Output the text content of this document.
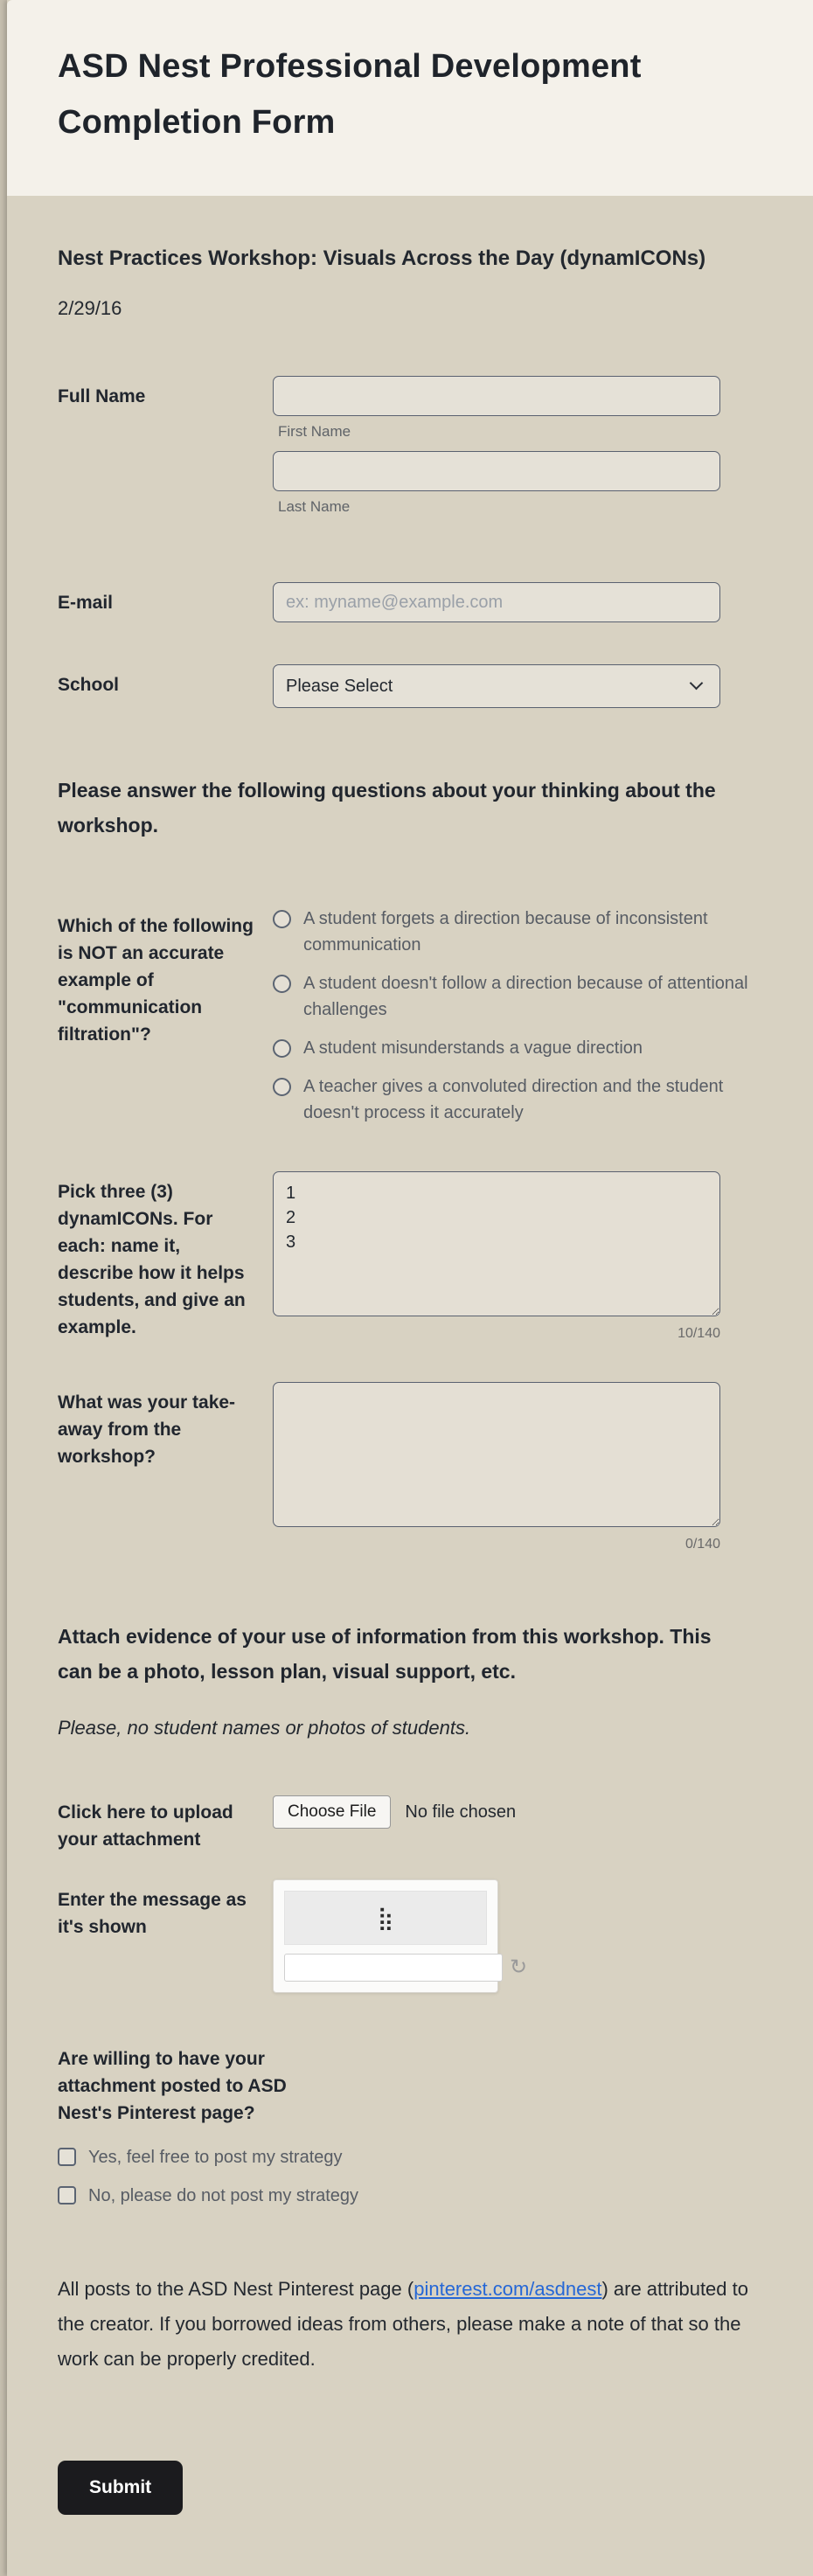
ASD Nest Professional Development Completion Form

Nest Practices Workshop: Visuals Across the Day (dynamICONs)

2/29/16

Full Name
First Name
Last Name
E-mail
ex: myname@example.com
School
Please Select

Please answer the following questions about your thinking about the workshop.

Which of the following is NOT an accurate example of "communication filtration"?
A student forgets a direction because of inconsistent communication
A student doesn't follow a direction because of attentional challenges
A student misunderstands a vague direction
A teacher gives a convoluted direction and the student doesn't process it accurately
Pick three (3) dynamICONs. For each: name it, describe how it helps students, and give an example.
1 2 3	10/140
What was your take-away from the workshop?
0/140

Attach evidence of your use of information from this workshop. This can be a photo, lesson plan, visual support, etc.

Please, no student names or photos of students.

Click here to upload your attachment
Choose File	No file chosen
Enter the message as it's shown	⣷
↻

Are willing to have your attachment posted to ASD Nest's Pinterest page?

Yes, feel free to post my strategy
No, please do not post my strategy

All posts to the ASD Nest Pinterest page (pinterest.com/asdnest) are attributed to the creator. If you borrowed ideas from others, please make a note of that so the work can be properly credited.

Submit
